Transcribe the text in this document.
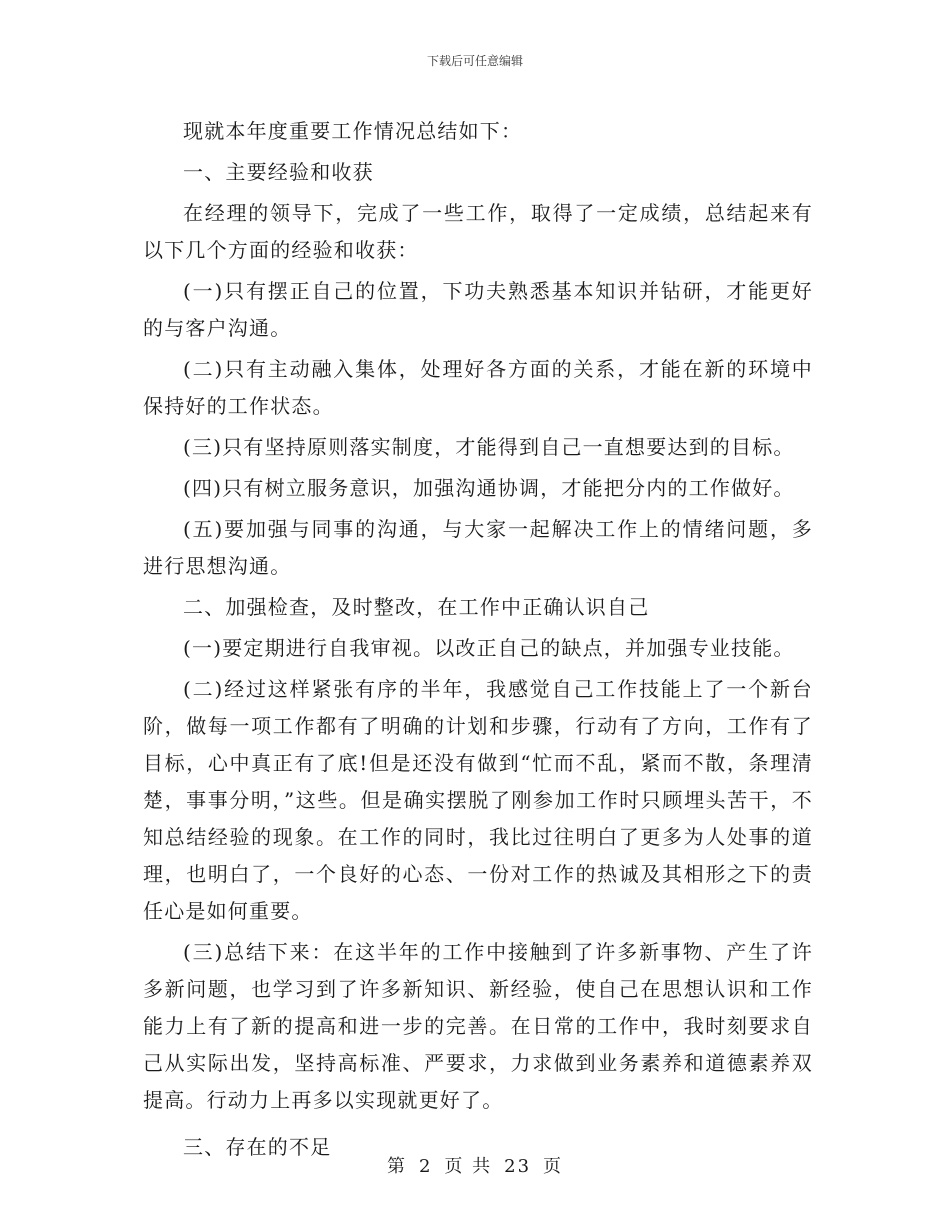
下载后可任意编辑

现就本年度重要工作情况总结如下：

一、主要经验和收获

在经理的领导下，完成了一些工作，取得了一定成绩，总结起来有以下几个方面的经验和收获：

(一)只有摆正自己的位置，下功夫熟悉基本知识并钻研，才能更好的与客户沟通。

(二)只有主动融入集体，处理好各方面的关系，才能在新的环境中保持好的工作状态。

(三)只有坚持原则落实制度，才能得到自己一直想要达到的目标。

(四)只有树立服务意识，加强沟通协调，才能把分内的工作做好。

(五)要加强与同事的沟通，与大家一起解决工作上的情绪问题，多进行思想沟通。

二、加强检查，及时整改，在工作中正确认识自己

(一)要定期进行自我审视。以改正自己的缺点，并加强专业技能。

(二)经过这样紧张有序的半年，我感觉自己工作技能上了一个新台阶，做每一项工作都有了明确的计划和步骤，行动有了方向，工作有了目标，心中真正有了底!但是还没有做到“忙而不乱，紧而不散，条理清楚，事事分明，”这些。但是确实摆脱了刚参加工作时只顾埋头苦干，不知总结经验的现象。在工作的同时，我比过往明白了更多为人处事的道理，也明白了，一个良好的心态、一份对工作的热诚及其相形之下的责任心是如何重要。

(三)总结下来：在这半年的工作中接触到了许多新事物、产生了许多新问题，也学习到了许多新知识、新经验，使自己在思想认识和工作能力上有了新的提高和进一步的完善。在日常的工作中，我时刻要求自己从实际出发，坚持高标准、严要求，力求做到业务素养和道德素养双提高。行动力上再多以实现就更好了。

三、存在的不足

第 2 页 共 23 页
